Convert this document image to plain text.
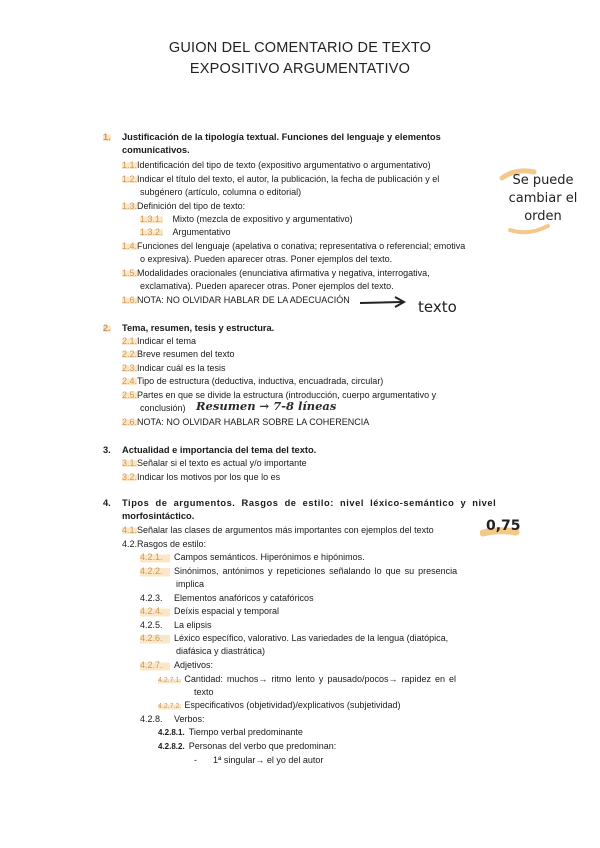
GUION DEL COMENTARIO DE TEXTO
EXPOSITIVO ARGUMENTATIVO
1. Justificación de la tipología textual. Funciones del lenguaje y elementos
comunicativos.
1.1.Identificación del tipo de texto (expositivo argumentativo o argumentativo)
1.2.Indicar el título del texto, el autor, la publicación, la fecha de publicación y el
subgénero (artículo, columna o editorial)
1.3.Definición del tipo de texto:
1.3.1. Mixto (mezcla de expositivo y argumentativo)
1.3.2. Argumentativo
1.4.Funciones del lenguaje (apelativa o conativa; representativa o referencial; emotiva
o expresiva). Pueden aparecer otras. Poner ejemplos del texto.
1.5.Modalidades oracionales (enunciativa afirmativa y negativa, interrogativa,
exclamativa). Pueden aparecer otras. Poner ejemplos del texto.
1.6.NOTA: NO OLVIDAR HABLAR DE LA ADECUACIÓN	texto
Se puede
cambiar el
orden
2. Tema, resumen, tesis y estructura.
2.1.Indicar el tema
2.2.Breve resumen del texto
2.3.Indicar cuál es la tesis
2.4.Tipo de estructura (deductiva, inductiva, encuadrada, circular)
2.5.Partes en que se divide la estructura (introducción, cuerpo argumentativo y
conclusión) Resumen → 7-8 líneas
2.6.NOTA: NO OLVIDAR HABLAR SOBRE LA COHERENCIA
3. Actualidad e importancia del tema del texto.
3.1.Señalar si el texto es actual y/o importante
3.2.Indicar los motivos por los que lo es
4. Tipos de argumentos. Rasgos de estilo: nivel léxico-semántico y nivel
morfosintáctico.
4.1.Señalar las clases de argumentos más importantes con ejemplos del texto	0,75
4.2.Rasgos de estilo:
4.2.1. Campos semánticos. Hiperónimos e hipónimos.
4.2.2. Sinónimos, antónimos y repeticiones señalando lo que su presencia
implica
4.2.3. Elementos anafóricos y catafóricos
4.2.4. Deíxis espacial y temporal
4.2.5. La elipsis
4.2.6. Léxico específico, valorativo. Las variedades de la lengua (diatópica,
diafásica y diastrática)
4.2.7. Adjetivos:
4.2.7.1. Cantidad: muchos→ ritmo lento y pausado/pocos→ rapidez en el
texto
4.2.7.2. Especificativos (objetividad)/explicativos (subjetividad)
4.2.8. Verbos:
4.2.8.1. Tiempo verbal predominante
4.2.8.2. Personas del verbo que predominan:
- 1ª singular→ el yo del autor
